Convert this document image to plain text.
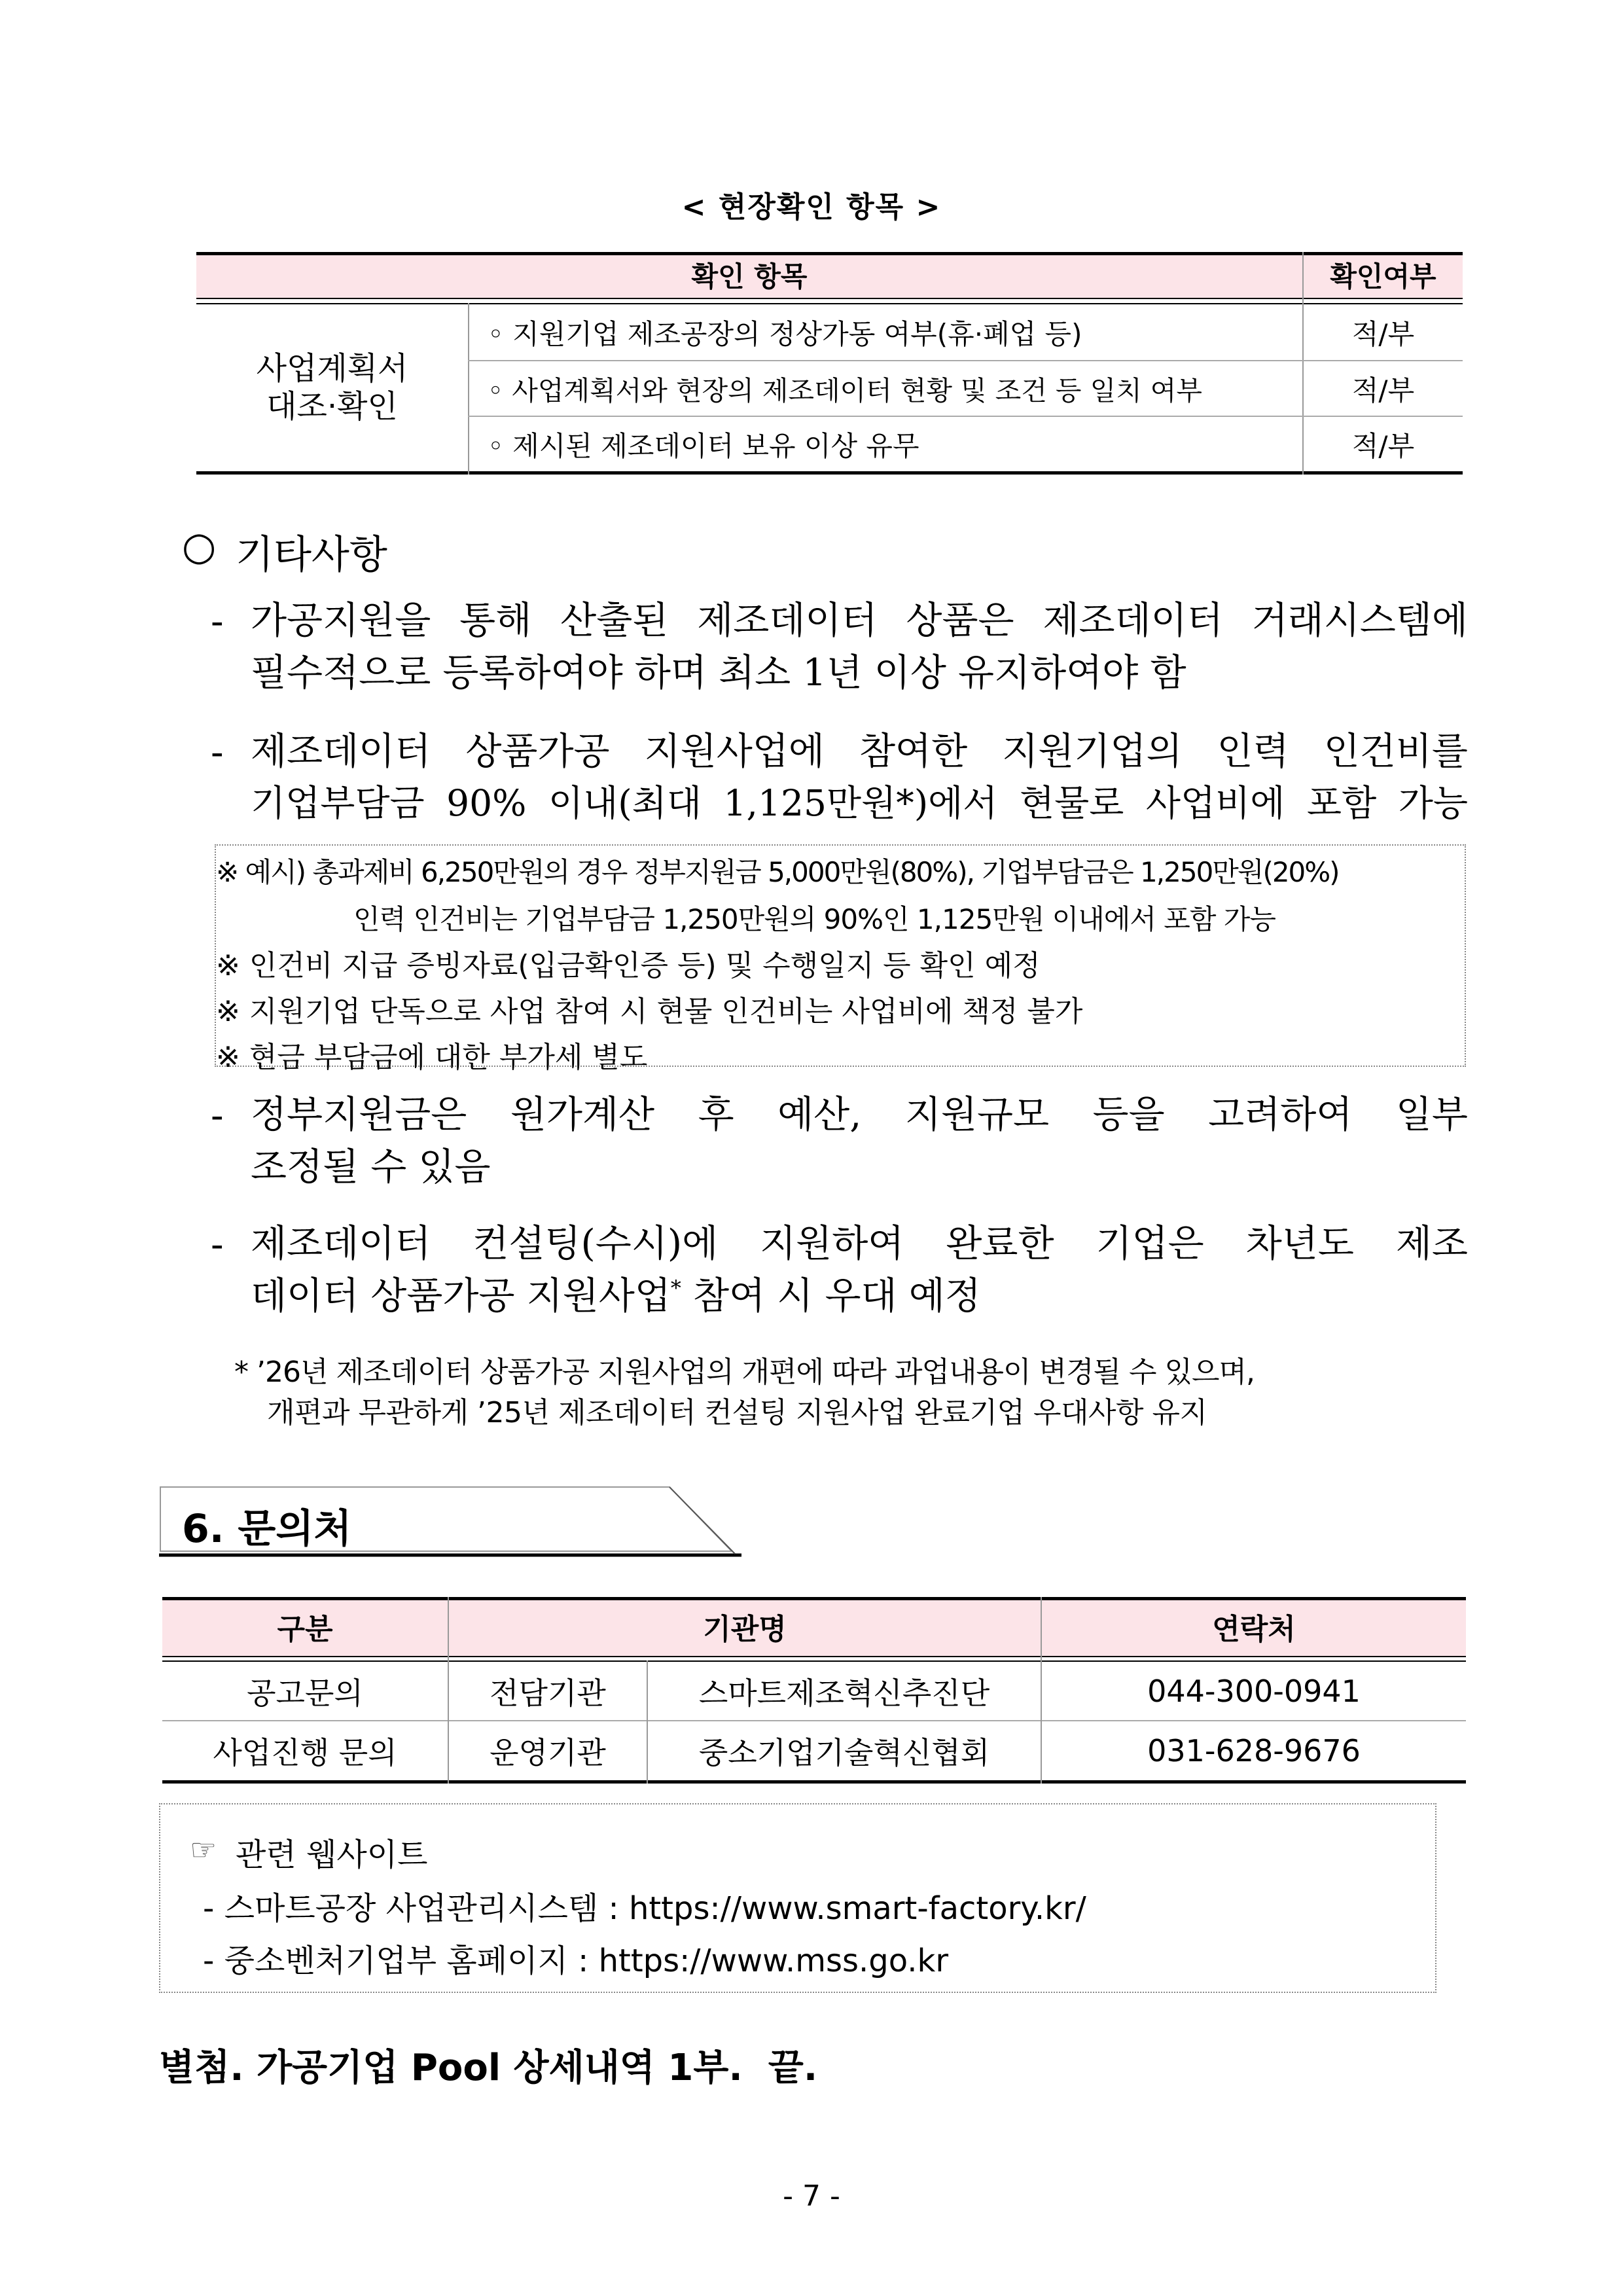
< 현장확인 항목 >
확인 항목	확인여부
사업계획서
대조·확인
◦ 지원기업 제조공장의 정상가동 여부(휴·폐업 등)	적/부
◦ 사업계획서와 현장의 제조데이터 현황 및 조건 등 일치 여부	적/부
◦ 제시된 제조데이터 보유 이상 유무	적/부
○ 기타사항
- 가공지원을 통해 산출된 제조데이터 상품은 제조데이터 거래시스템에
필수적으로 등록하여야 하며 최소 1년 이상 유지하여야 함
- 제조데이터 상품가공 지원사업에 참여한 지원기업의 인력 인건비를
기업부담금 90% 이내(최대 1,125만원*)에서 현물로 사업비에 포함 가능
※ 예시) 총과제비 6,250만원의 경우 정부지원금 5,000만원(80%), 기업부담금은 1,250만원(20%)
인력 인건비는 기업부담금 1,250만원의 90%인 1,125만원 이내에서 포함 가능
※ 인건비 지급 증빙자료(입금확인증 등) 및 수행일지 등 확인 예정
※ 지원기업 단독으로 사업 참여 시 현물 인건비는 사업비에 책정 불가
※ 현금 부담금에 대한 부가세 별도
- 정부지원금은 원가계산 후 예산, 지원규모 등을 고려하여 일부
조정될 수 있음
- 제조데이터 컨설팅(수시)에 지원하여 완료한 기업은 차년도 제조
데이터 상품가공 지원사업* 참여 시 우대 예정
* ’26년 제조데이터 상품가공 지원사업의 개편에 따라 과업내용이 변경될 수 있으며,
개편과 무관하게 ’25년 제조데이터 컨설팅 지원사업 완료기업 우대사항 유지
6. 문의처
구분	기관명	연락처
공고문의	전담기관	스마트제조혁신추진단	044-300-0941
사업진행 문의	운영기관	중소기업기술혁신협회	031-628-9676
☞ 관련 웹사이트
- 스마트공장 사업관리시스템 : https://www.smart-factory.kr/
- 중소벤처기업부 홈페이지 : https://www.mss.go.kr
별첨. 가공기업 Pool 상세내역 1부.  끝.
- 7 -
